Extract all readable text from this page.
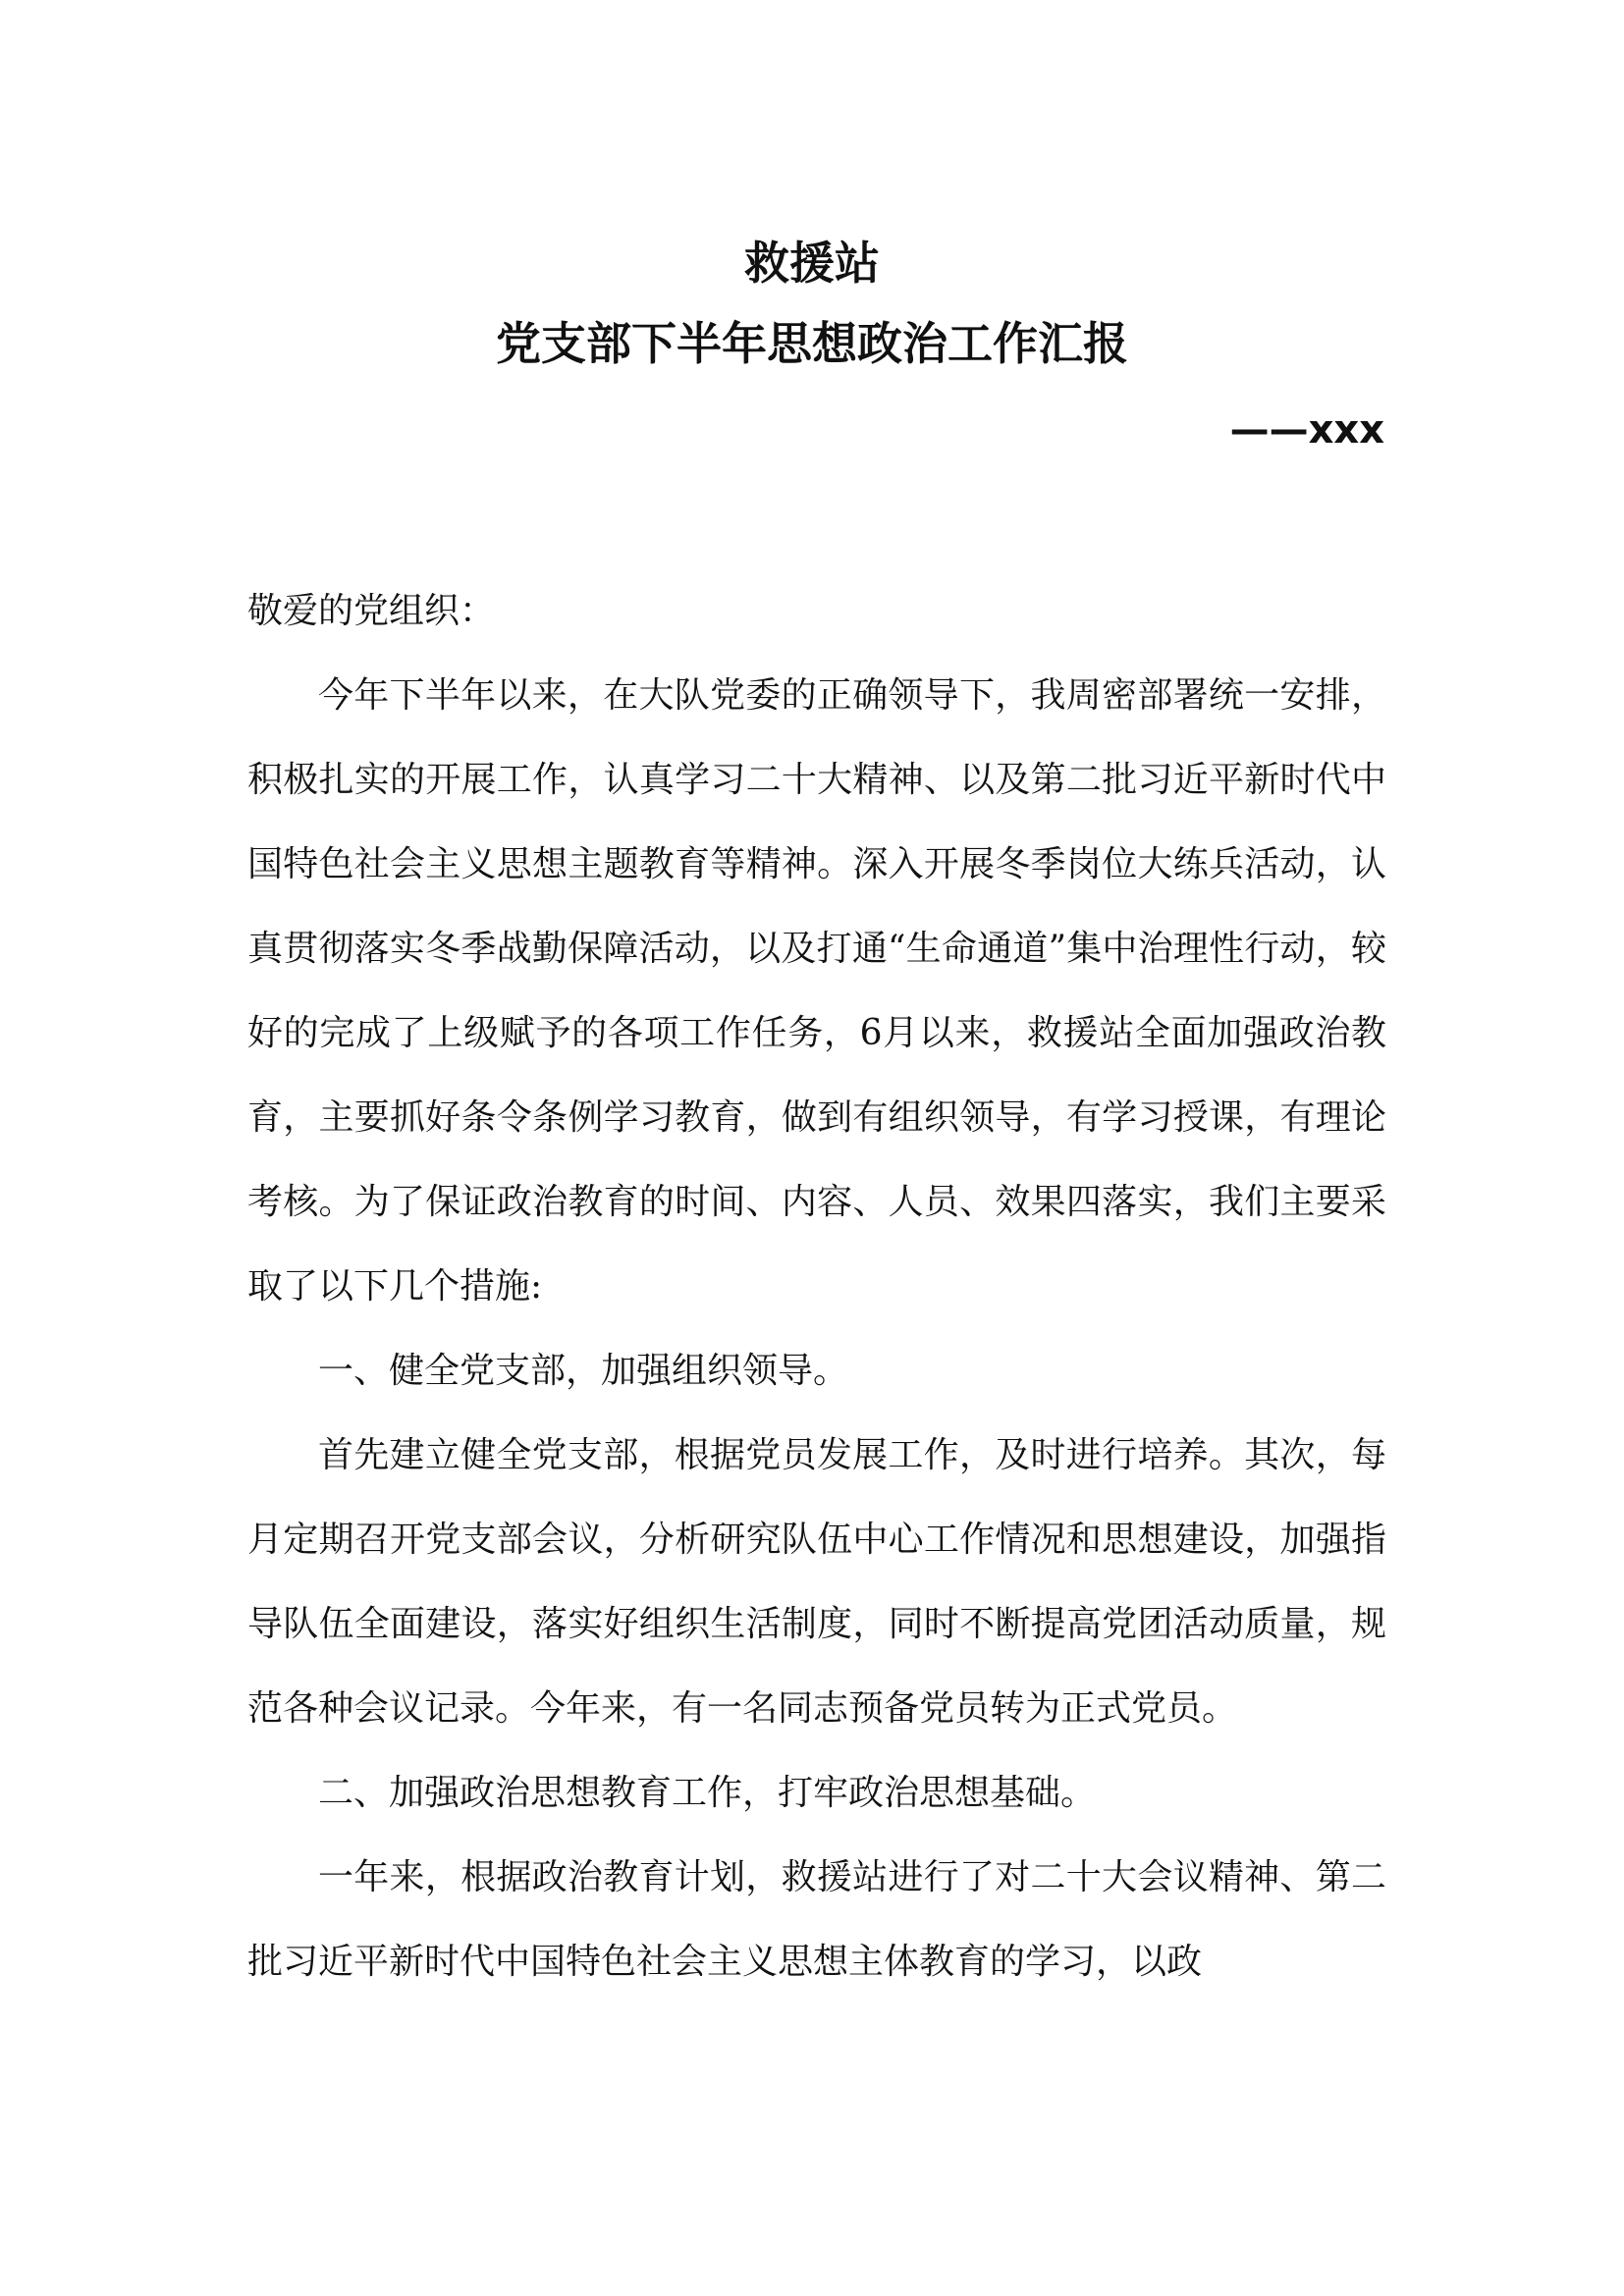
救援站
党支部下半年思想政治工作汇报
——xxx

敬爱的党组织：

今年下半年以来，在大队党委的正确领导下，我周密部署统一安排，积极扎实的开展工作，认真学习二十大精神、以及第二批习近平新时代中国特色社会主义思想主题教育等精神。深入开展冬季岗位大练兵活动，认真贯彻落实冬季战勤保障活动，以及打通“生命通道”集中治理性行动，较好的完成了上级赋予的各项工作任务，6月以来，救援站全面加强政治教育，主要抓好条令条例学习教育，做到有组织领导，有学习授课，有理论考核。为了保证政治教育的时间、内容、人员、效果四落实，我们主要采取了以下几个措施:

一、健全党支部，加强组织领导。

首先建立健全党支部，根据党员发展工作，及时进行培养。其次，每月定期召开党支部会议，分析研究队伍中心工作情况和思想建设，加强指导队伍全面建设，落实好组织生活制度，同时不断提高党团活动质量，规范各种会议记录。今年来，有一名同志预备党员转为正式党员。

二、加强政治思想教育工作，打牢政治思想基础。

一年来，根据政治教育计划，救援站进行了对二十大会议精神、第二批习近平新时代中国特色社会主义思想主体教育的学习，以政
